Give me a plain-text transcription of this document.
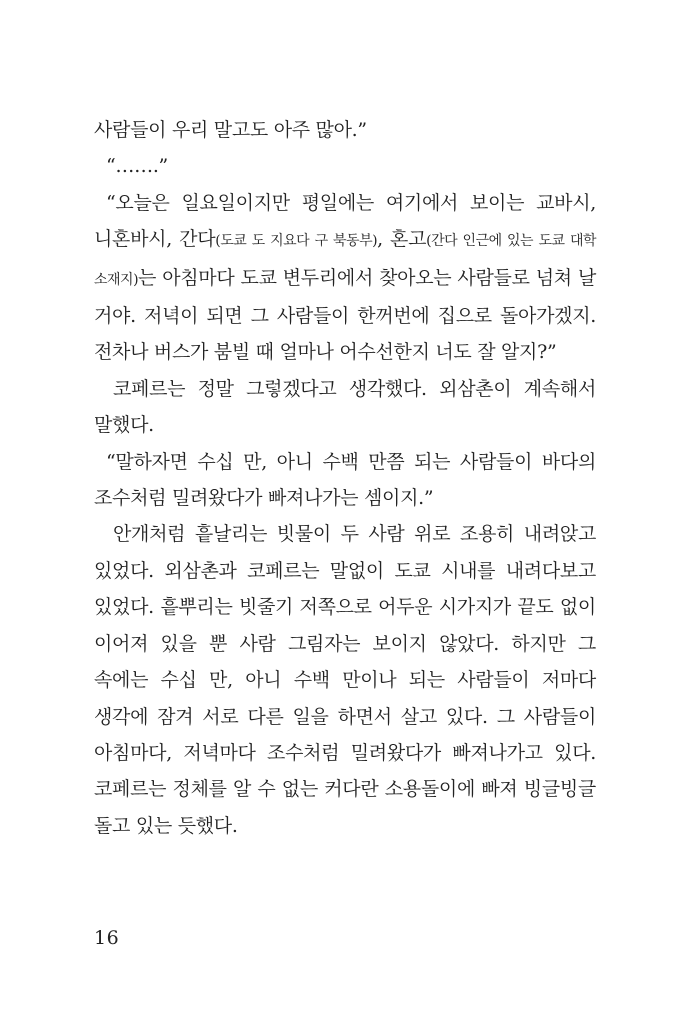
사람들이 우리 말고도 아주 많아.”

“…….”

“오늘은 일요일이지만 평일에는 여기에서 보이는 교바시, 니혼바시, 간다(도쿄 도 지요다 구 북동부), 혼고(간다 인근에 있는 도쿄 대학 소재지)는 아침마다 도쿄 변두리에서 찾아오는 사람들로 넘쳐 날 거야. 저녁이 되면 그 사람들이 한꺼번에 집으로 돌아가겠지. 전차나 버스가 붐빌 때 얼마나 어수선한지 너도 잘 알지?”

코페르는 정말 그렇겠다고 생각했다. 외삼촌이 계속해서 말했다.

“말하자면 수십 만, 아니 수백 만쯤 되는 사람들이 바다의 조수처럼 밀려왔다가 빠져나가는 셈이지.”

안개처럼 흩날리는 빗물이 두 사람 위로 조용히 내려앉고 있었다. 외삼촌과 코페르는 말없이 도쿄 시내를 내려다보고 있었다. 흩뿌리는 빗줄기 저쪽으로 어두운 시가지가 끝도 없이 이어져 있을 뿐 사람 그림자는 보이지 않았다. 하지만 그 속에는 수십 만, 아니 수백 만이나 되는 사람들이 저마다 생각에 잠겨 서로 다른 일을 하면서 살고 있다. 그 사람들이 아침마다, 저녁마다 조수처럼 밀려왔다가 빠져나가고 있다. 코페르는 정체를 알 수 없는 커다란 소용돌이에 빠져 빙글빙글 돌고 있는 듯했다.

16
